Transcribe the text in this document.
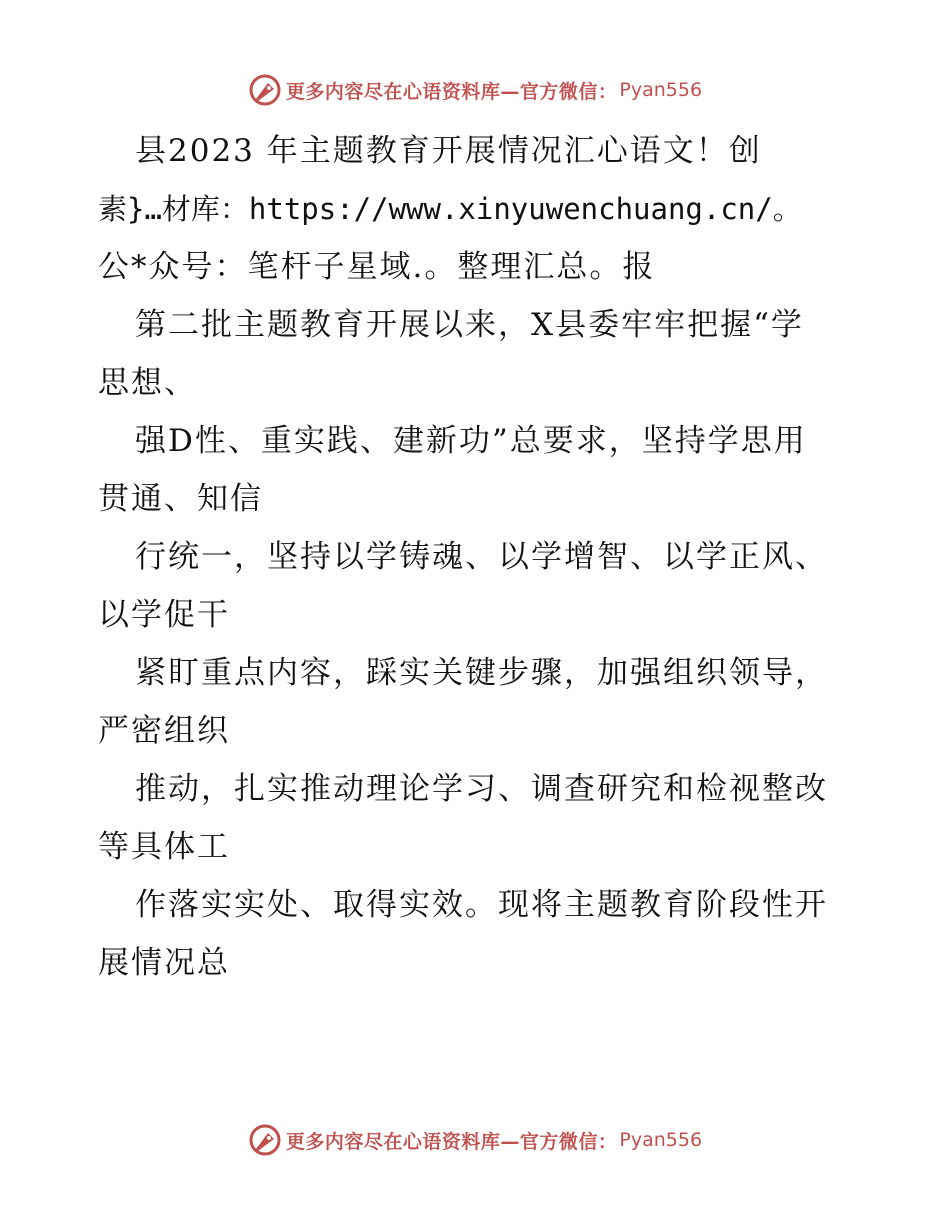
更多内容尽在心语资料库—官方微信： Pyan556
县2023 年主题教育开展情况汇心语文！创
素}…材库：https://www.xinyuwenchuang.cn/。
公*众号：笔杆子星域.。整理汇总。报
第二批主题教育开展以来，X县委牢牢把握“学
思想、
强D性、重实践、建新功”总要求，坚持学思用
贯通、知信
行统一，坚持以学铸魂、以学增智、以学正风、
以学促干
紧盯重点内容，踩实关键步骤，加强组织领导，
严密组织
推动，扎实推动理论学习、调查研究和检视整改
等具体工
作落实实处、取得实效。现将主题教育阶段性开
展情况总
更多内容尽在心语资料库—官方微信： Pyan556
